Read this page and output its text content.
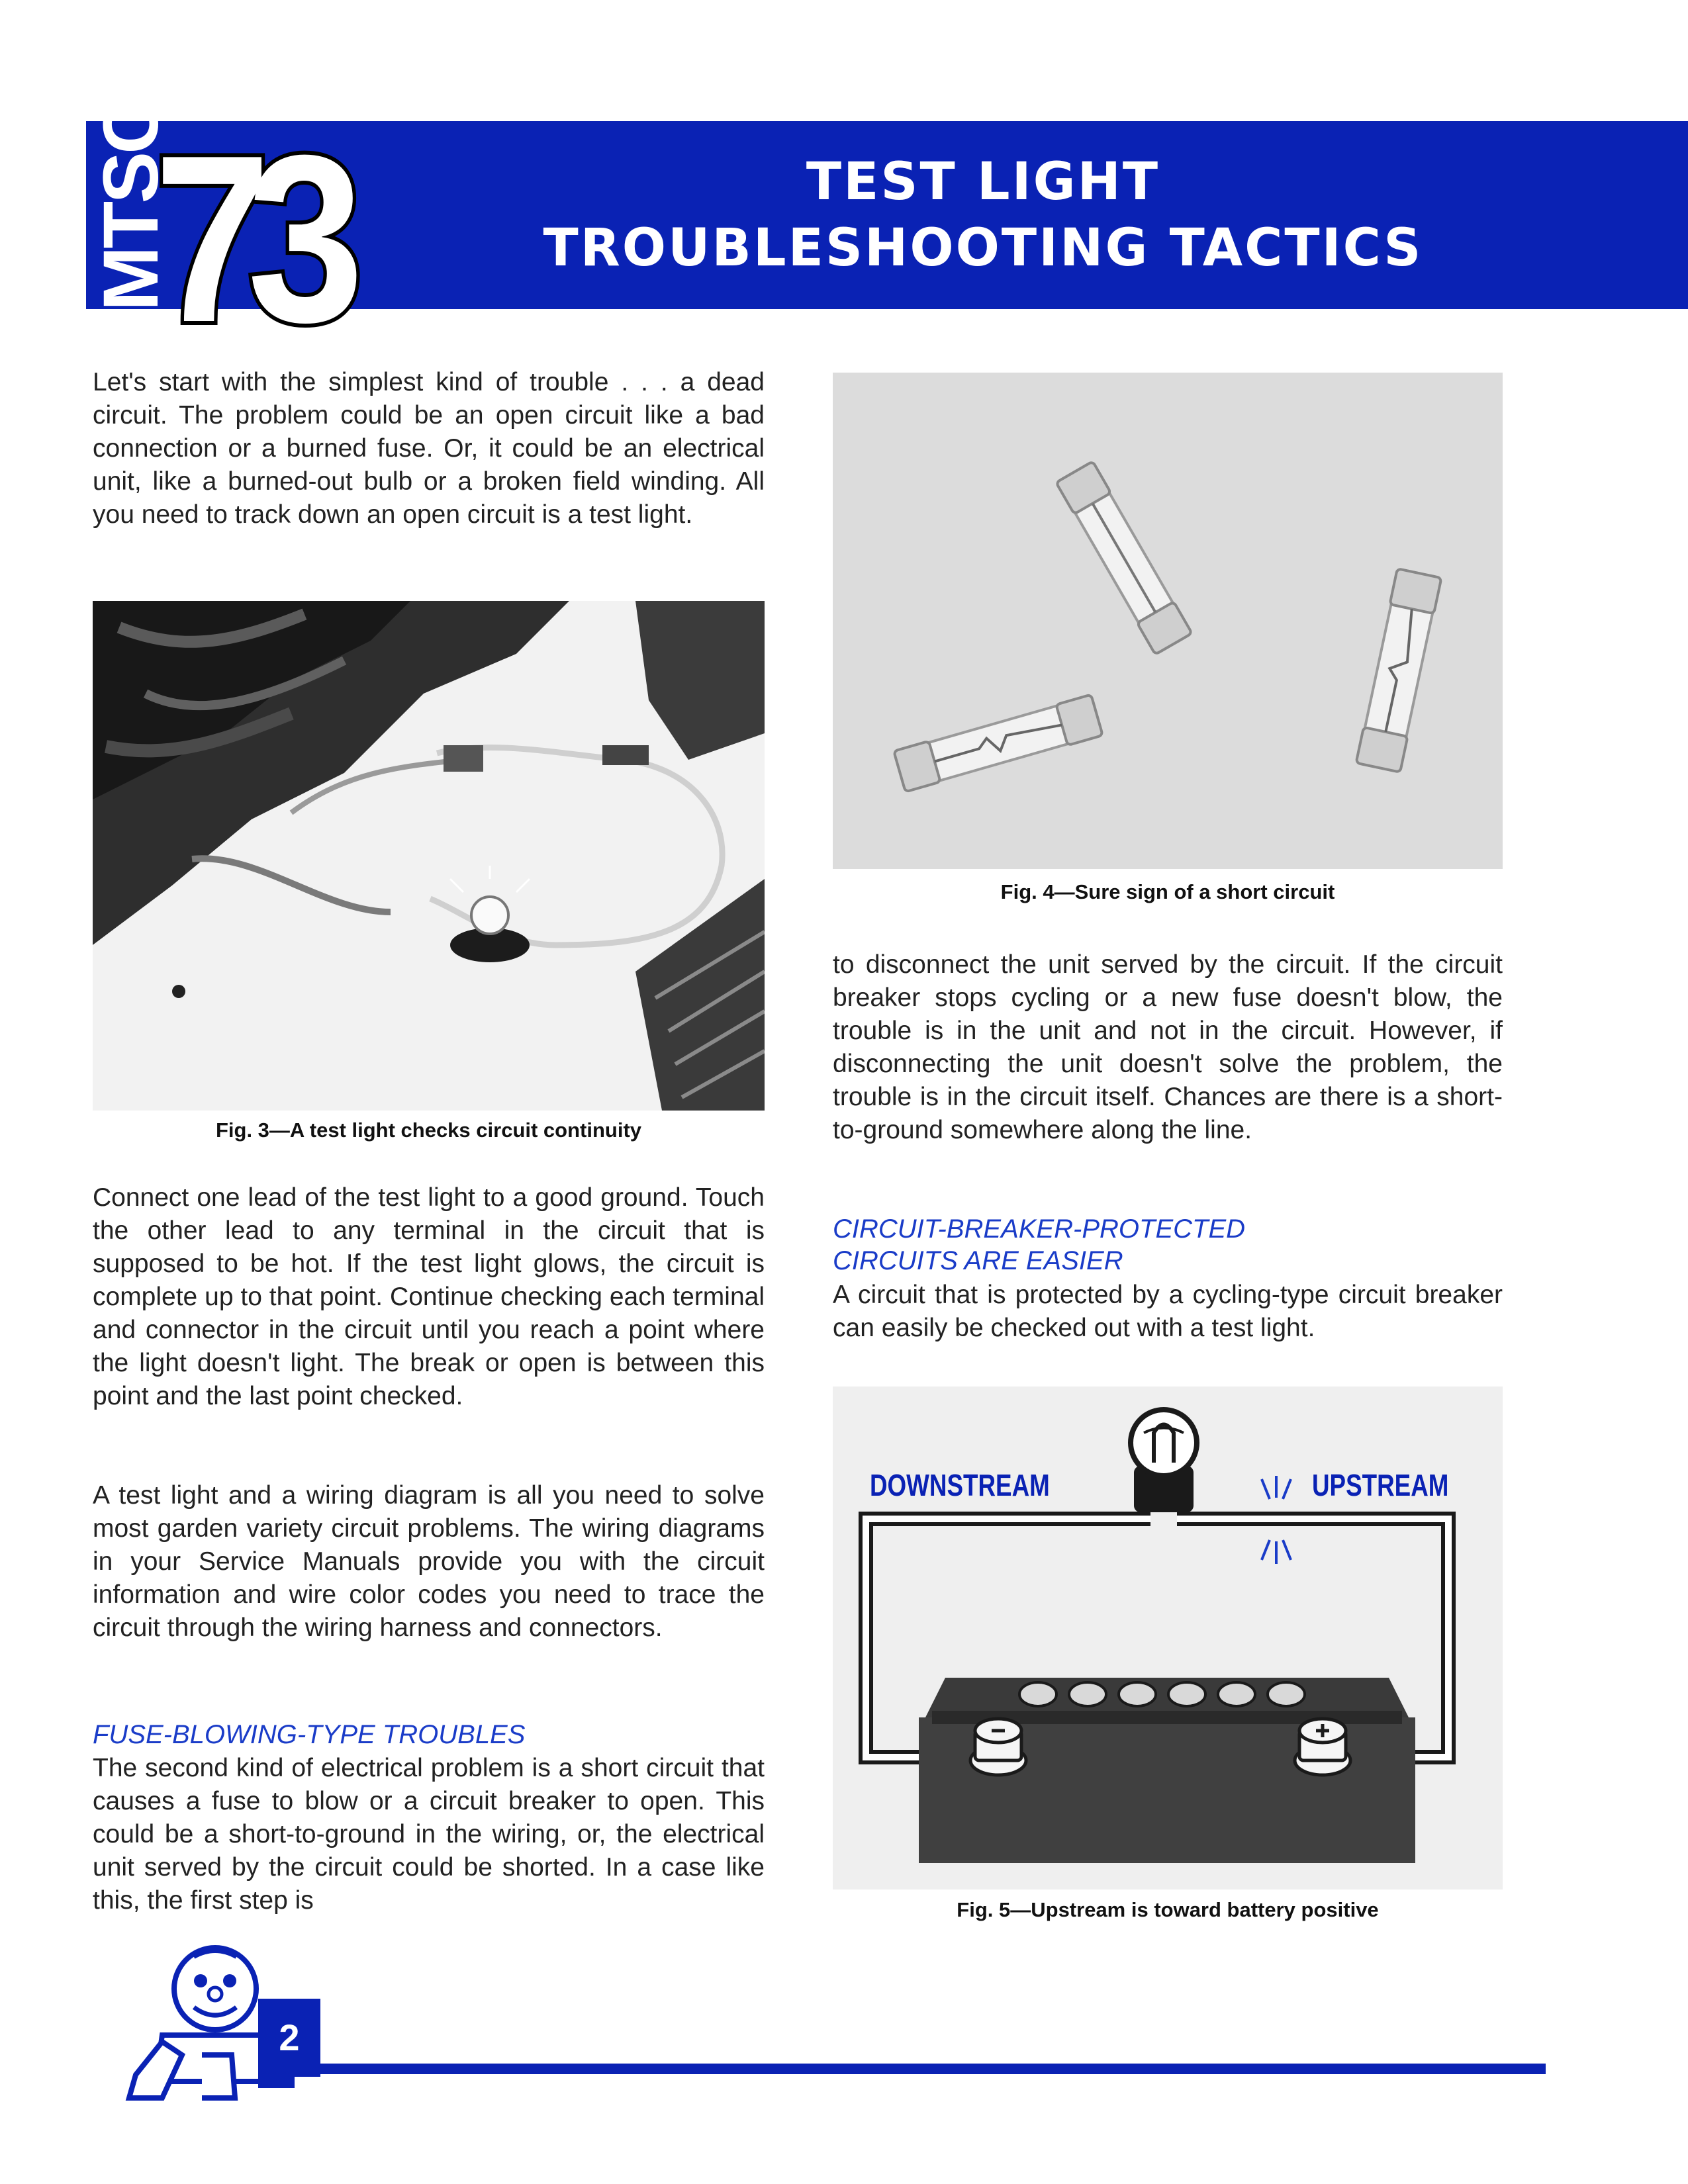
MTSC
73	TEST LIGHT
TROUBLESHOOTING TACTICS
Let's start with the simplest kind of trouble . . . a dead circuit. The problem could be an open circuit like a bad connection or a burned fuse. Or, it could be an electrical unit, like a burned-out bulb or a broken field winding. All you need to track down an open circuit is a test light.
Fig. 3—A test light checks circuit continuity
Connect one lead of the test light to a good ground. Touch the other lead to any terminal in the circuit that is supposed to be hot. If the test light glows, the circuit is complete up to that point. Continue checking each terminal and connector in the circuit until you reach a point where the light doesn't light. The break or open is between this point and the last point checked.
A test light and a wiring diagram is all you need to solve most garden variety circuit problems. The wiring diagrams in your Service Manuals provide you with the circuit information and wire color codes you need to trace the circuit through the wiring harness and connectors.
FUSE-BLOWING-TYPE TROUBLES
The second kind of electrical problem is a short circuit that causes a fuse to blow or a circuit breaker to open. This could be a short-to-ground in the wiring, or, the electrical unit served by the circuit could be shorted. In a case like this, the first step is
Fig. 4—Sure sign of a short circuit
to disconnect the unit served by the circuit. If the circuit breaker stops cycling or a new fuse doesn't blow, the trouble is in the unit and not in the circuit. However, if disconnecting the unit doesn't solve the problem, the trouble is in the circuit itself. Chances are there is a short-to-ground somewhere along the line.
CIRCUIT-BREAKER-PROTECTED
CIRCUITS ARE EASIER
A circuit that is protected by a cycling-type circuit breaker can easily be checked out with a test light.
DOWNSTREAM	UPSTREAM
Fig. 5—Upstream is toward battery positive
2
